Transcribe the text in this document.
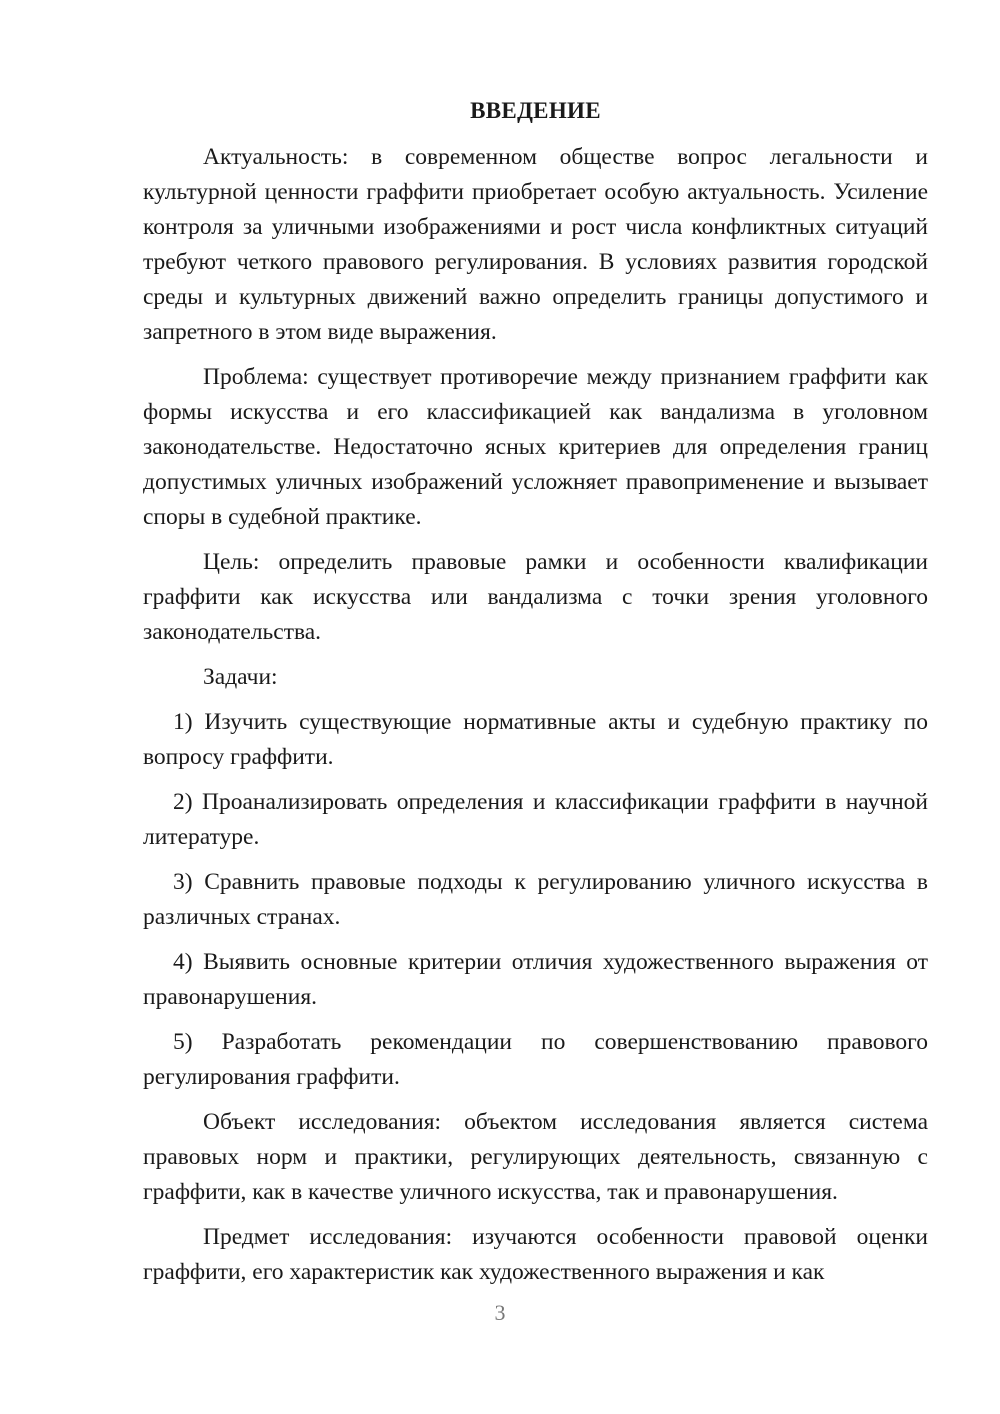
ВВЕДЕНИЕ

Актуальность: в современном обществе вопрос легальности и культурной ценности граффити приобретает особую актуальность. Усиление контроля за уличными изображениями и рост числа конфликтных ситуаций требуют четкого правового регулирования. В условиях развития городской среды и культурных движений важно определить границы допустимого и запретного в этом виде выражения.

Проблема: существует противоречие между признанием граффити как формы искусства и его классификацией как вандализма в уголовном законодательстве. Недостаточно ясных критериев для определения границ допустимых уличных изображений усложняет правоприменение и вызывает споры в судебной практике.

Цель: определить правовые рамки и особенности квалификации граффити как искусства или вандализма с точки зрения уголовного законодательства.

Задачи:

1) Изучить существующие нормативные акты и судебную практику по вопросу граффити.

2) Проанализировать определения и классификации граффити в научной литературе.

3) Сравнить правовые подходы к регулированию уличного искусства в различных странах.

4) Выявить основные критерии отличия художественного выражения от правонарушения.

5) Разработать рекомендации по совершенствованию правового регулирования граффити.

Объект исследования: объектом исследования является система правовых норм и практики, регулирующих деятельность, связанную с граффити, как в качестве уличного искусства, так и правонарушения.

Предмет исследования: изучаются особенности правовой оценки граффити, его характеристик как художественного выражения и как

3
